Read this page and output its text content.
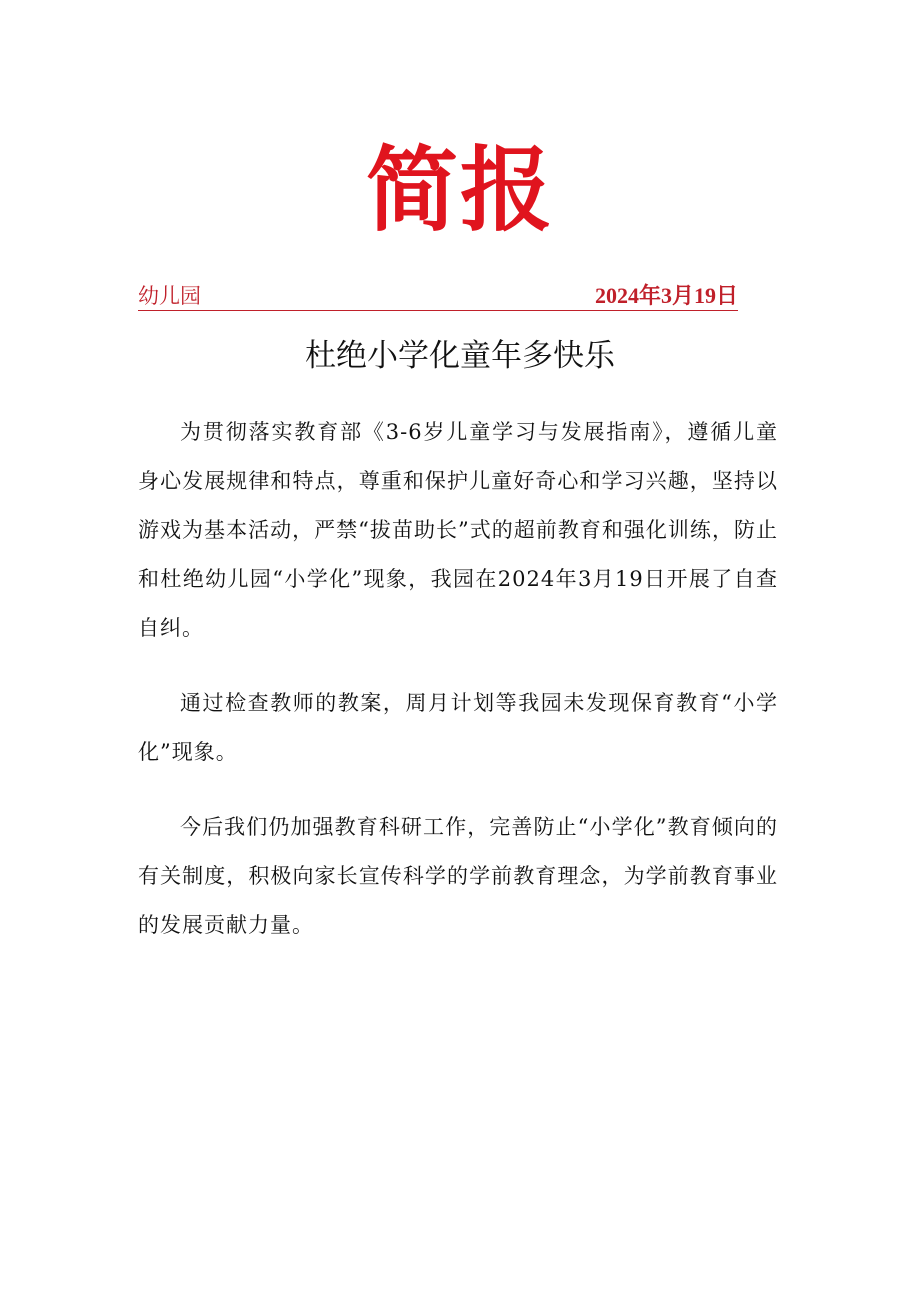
简报
幼儿园	2024年3月19日
杜绝小学化童年多快乐

为贯彻落实教育部《3-6岁儿童学习与发展指南》，遵循儿童身心发展规律和特点，尊重和保护儿童好奇心和学习兴趣，坚持以游戏为基本活动，严禁“拔苗助长”式的超前教育和强化训练，防止和杜绝幼儿园“小学化”现象，我园在2024年3月19日开展了自查自纠。

通过检查教师的教案，周月计划等我园未发现保育教育“小学化”现象。

今后我们仍加强教育科研工作，完善防止“小学化”教育倾向的有关制度，积极向家长宣传科学的学前教育理念，为学前教育事业的发展贡献力量。
